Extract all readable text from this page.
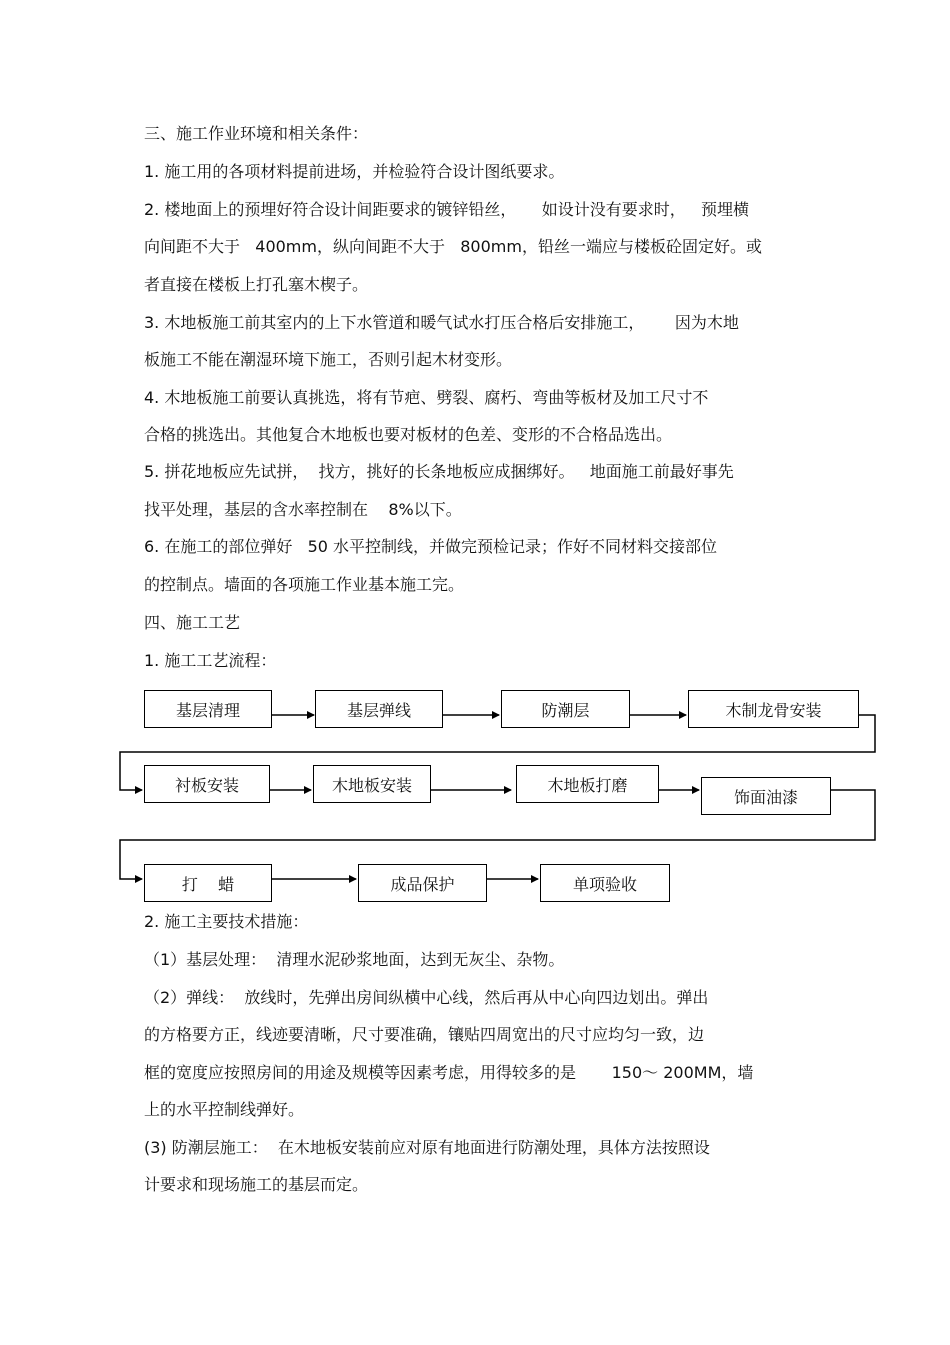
三、施工作业环境和相关条件：
1. 施工用的各项材料提前进场，并检验符合设计图纸要求。
2. 楼地面上的预埋好符合设计间距要求的镀锌铅丝，     如设计没有要求时，   预埋横
向间距不大于   400mm，纵向间距不大于   800mm，铅丝一端应与楼板砼固定好。或
者直接在楼板上打孔塞木楔子。
3. 木地板施工前其室内的上下水管道和暖气试水打压合格后安排施工，      因为木地
板施工不能在潮湿环境下施工，否则引起木材变形。
4. 木地板施工前要认真挑选，将有节疤、劈裂、腐朽、弯曲等板材及加工尺寸不
合格的挑选出。其他复合木地板也要对板材的色差、变形的不合格品选出。
5. 拼花地板应先试拼，  找方，挑好的长条地板应成捆绑好。   地面施工前最好事先
找平处理，基层的含水率控制在    8%以下。
6. 在施工的部位弹好   50 水平控制线，并做完预检记录；作好不同材料交接部位
的控制点。墙面的各项施工作业基本施工完。
四、施工工艺
1. 施工工艺流程：
基层清理	基层弹线	防潮层	木制龙骨安装
衬板安装	木地板安装	木地板打磨
饰面油漆
打    蜡	成品保护	单项验收
2. 施工主要技术措施：
（1）基层处理：  清理水泥砂浆地面，达到无灰尘、杂物。
（2）弹线：  放线时，先弹出房间纵横中心线，然后再从中心向四边划出。弹出
的方格要方正，线迹要清晰，尺寸要准确，镶贴四周宽出的尺寸应均匀一致，边
框的宽度应按照房间的用途及规模等因素考虑，用得较多的是       150～ 200MM，墙
上的水平控制线弹好。
(3) 防潮层施工：  在木地板安装前应对原有地面进行防潮处理，具体方法按照设
计要求和现场施工的基层而定。
